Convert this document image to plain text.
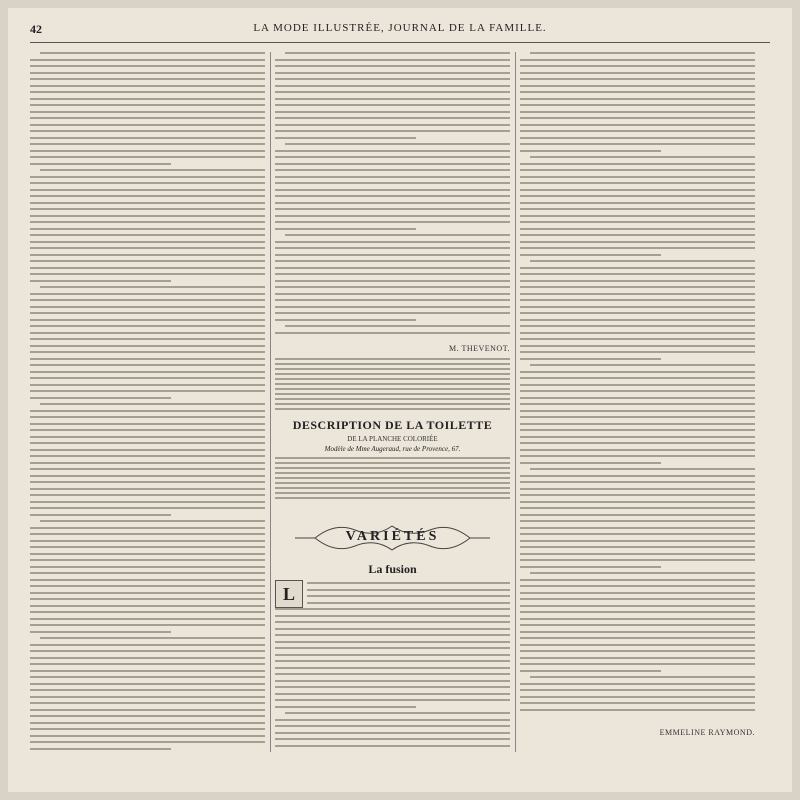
42	LA MODE ILLUSTRÉE, JOURNAL DE LA FAMILLE.
M. THEVENOT.
DESCRIPTION DE LA TOILETTE
DE LA PLANCHE COLORIÉE
Modèle de Mme Augeraud, rue de Provence, 67.
VARIÉTÉS
La fusion
L
EMMELINE RAYMOND.
